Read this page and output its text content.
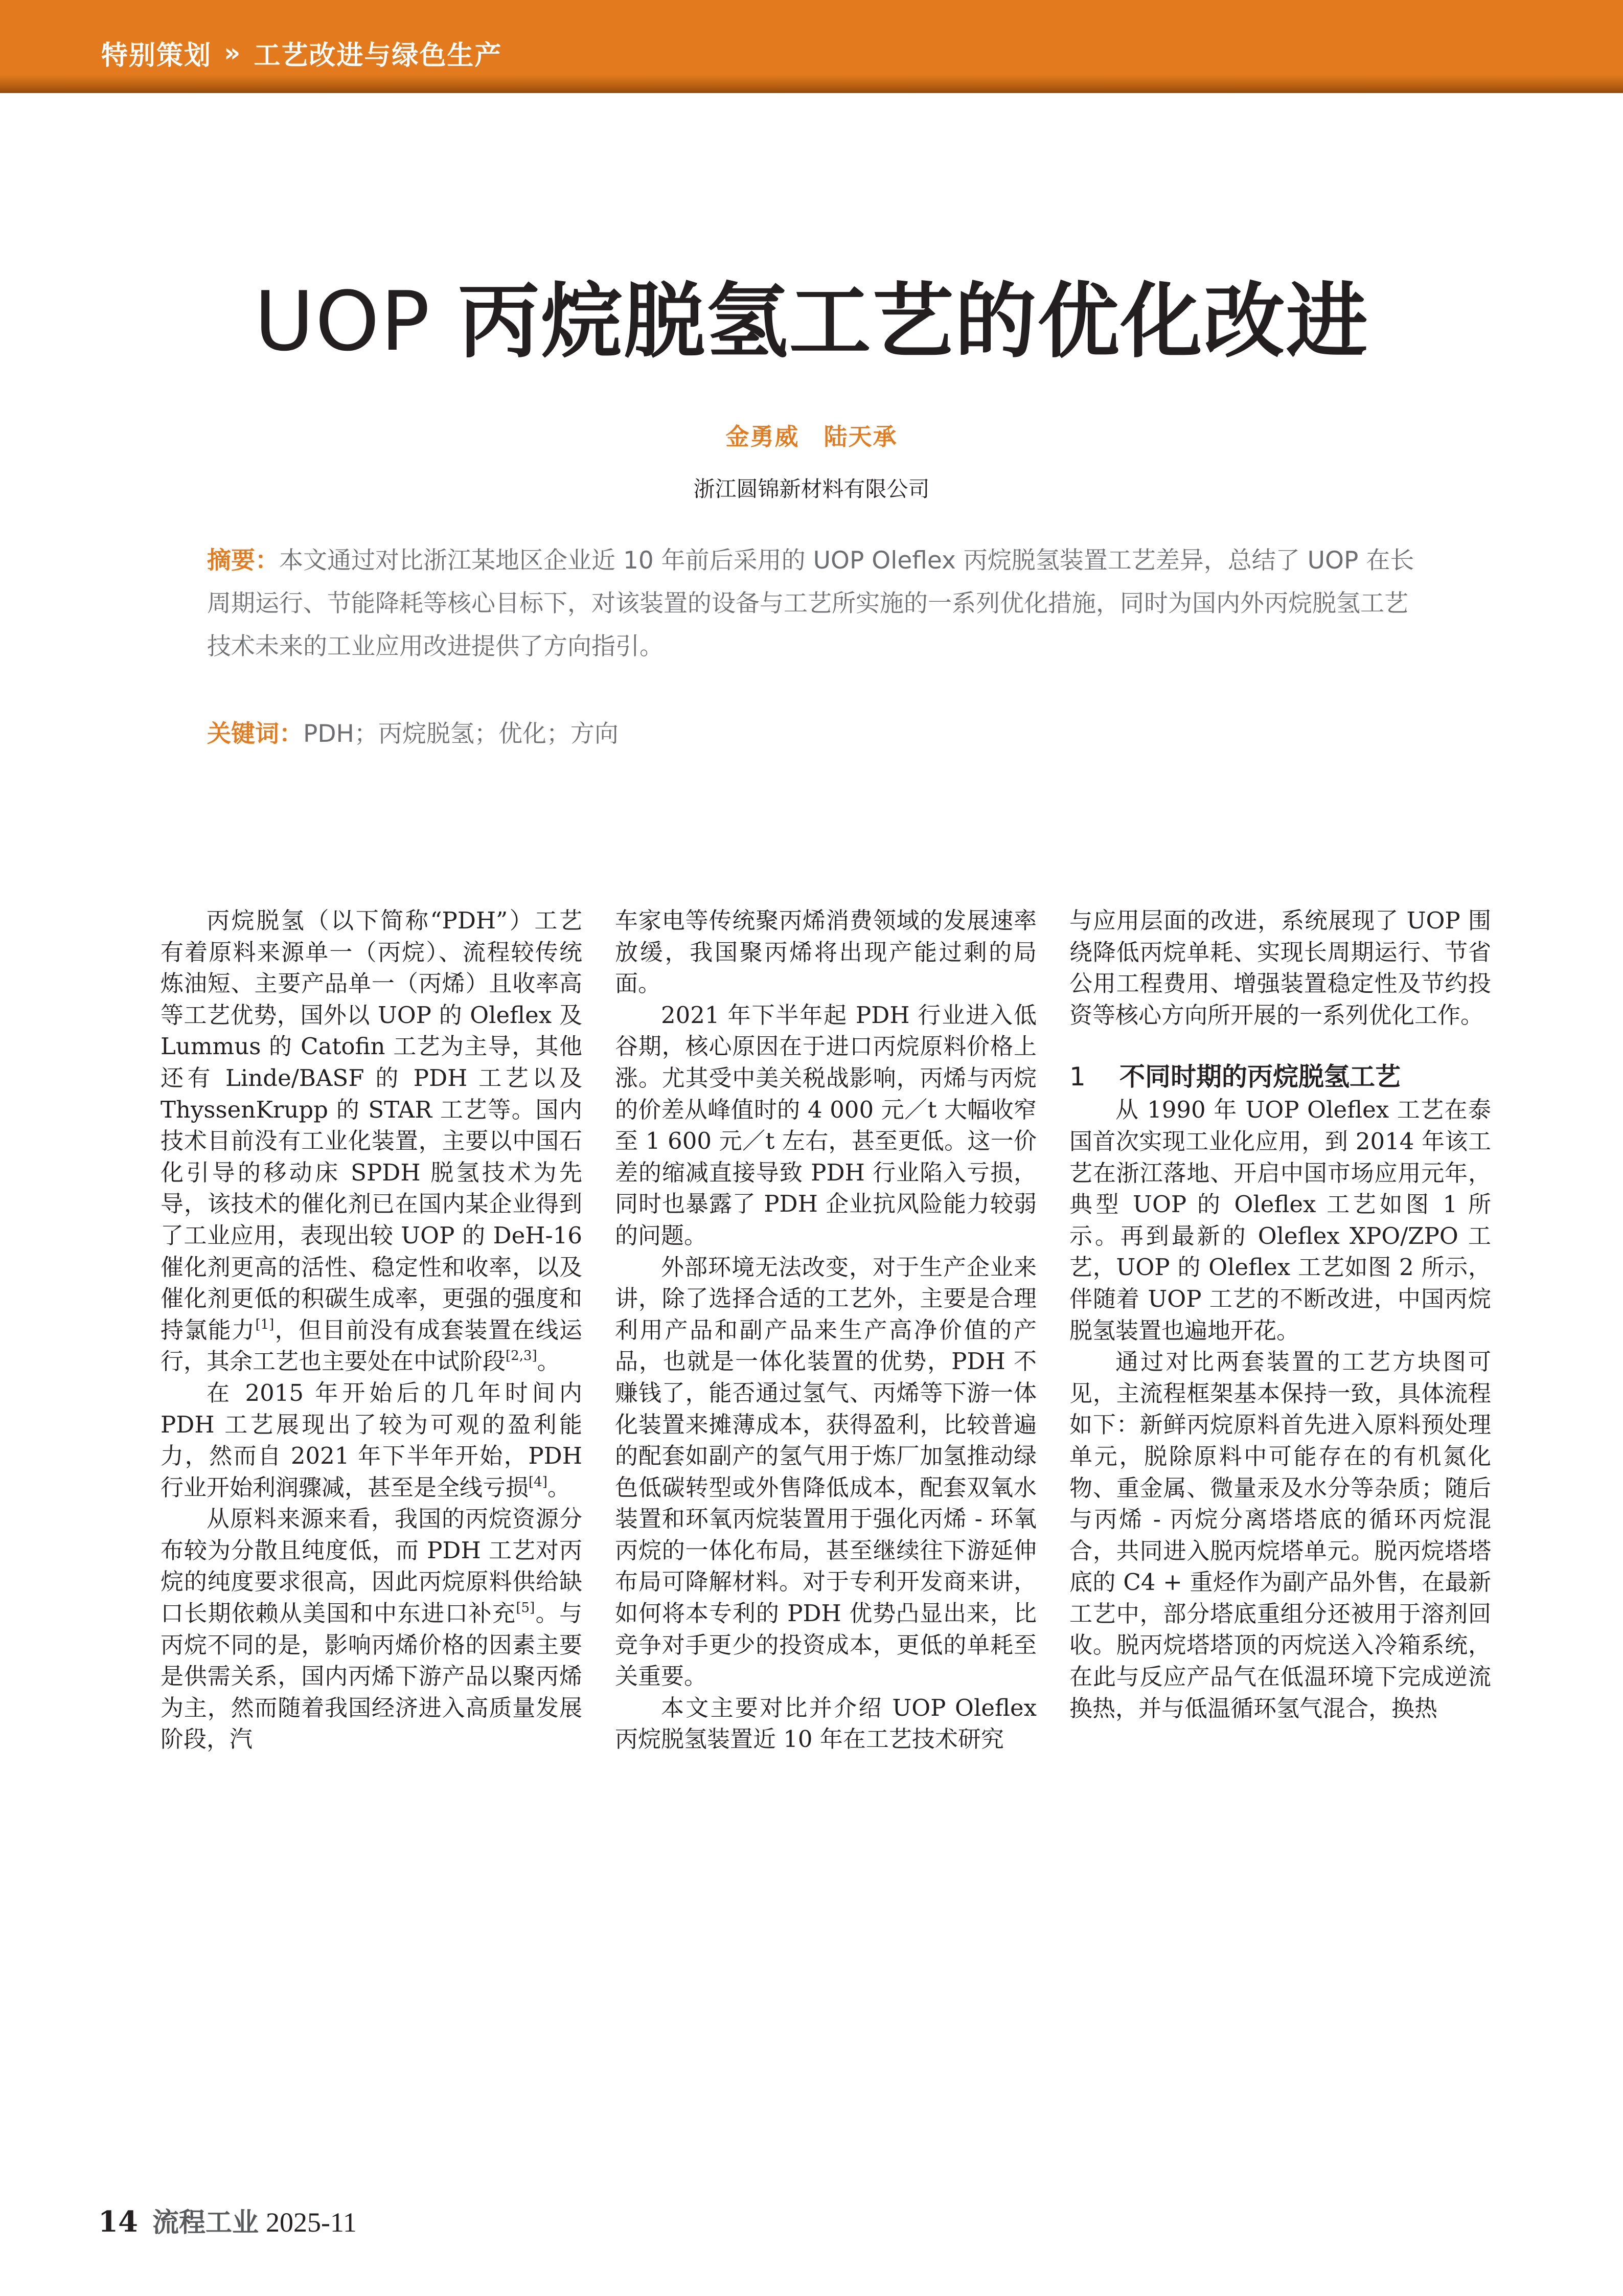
特别策划 » 工艺改进与绿色生产
UOP 丙烷脱氢工艺的优化改进
金勇威　陆天承
浙江圆锦新材料有限公司
摘要：本文通过对比浙江某地区企业近 10 年前后采用的 UOP Oleflex 丙烷脱氢装置工艺差异，总结了 UOP 在长周期运行、节能降耗等核心目标下，对该装置的设备与工艺所实施的一系列优化措施，同时为国内外丙烷脱氢工艺技术未来的工业应用改进提供了方向指引。
关键词：PDH；丙烷脱氢；优化；方向

丙烷脱氢（以下简称“PDH”）工艺有着原料来源单一（丙烷）、流程较传统炼油短、主要产品单一（丙烯）且收率高等工艺优势，国外以 UOP 的 Oleflex 及 Lummus 的 Catofin 工艺为主导，其他还有 Linde/BASF 的 PDH 工艺以及 ThyssenKrupp 的 STAR 工艺等。国内技术目前没有工业化装置，主要以中国石化引导的移动床 SPDH 脱氢技术为先导，该技术的催化剂已在国内某企业得到了工业应用，表现出较 UOP 的 DeH-16 催化剂更高的活性、稳定性和收率，以及催化剂更低的积碳生成率，更强的强度和持氯能力[1]，但目前没有成套装置在线运行，其余工艺也主要处在中试阶段[2,3]。

在 2015 年开始后的几年时间内 PDH 工艺展现出了较为可观的盈利能力，然而自 2021 年下半年开始，PDH 行业开始利润骤减，甚至是全线亏损[4]。

从原料来源来看，我国的丙烷资源分布较为分散且纯度低，而 PDH 工艺对丙烷的纯度要求很高，因此丙烷原料供给缺口长期依赖从美国和中东进口补充[5]。与丙烷不同的是，影响丙烯价格的因素主要是供需关系，国内丙烯下游产品以聚丙烯为主，然而随着我国经济进入高质量发展阶段，汽

车家电等传统聚丙烯消费领域的发展速率放缓，我国聚丙烯将出现产能过剩的局面。

2021 年下半年起 PDH 行业进入低谷期，核心原因在于进口丙烷原料价格上涨。尤其受中美关税战影响，丙烯与丙烷的价差从峰值时的 4 000 元／t 大幅收窄至 1 600 元／t 左右，甚至更低。这一价差的缩减直接导致 PDH 行业陷入亏损，同时也暴露了 PDH 企业抗风险能力较弱的问题。

外部环境无法改变，对于生产企业来讲，除了选择合适的工艺外，主要是合理利用产品和副产品来生产高净价值的产品，也就是一体化装置的优势，PDH 不赚钱了，能否通过氢气、丙烯等下游一体化装置来摊薄成本，获得盈利，比较普遍的配套如副产的氢气用于炼厂加氢推动绿色低碳转型或外售降低成本，配套双氧水装置和环氧丙烷装置用于强化丙烯 - 环氧丙烷的一体化布局，甚至继续往下游延伸布局可降解材料。对于专利开发商来讲，如何将本专利的 PDH 优势凸显出来，比竞争对手更少的投资成本，更低的单耗至关重要。

本文主要对比并介绍 UOP Oleflex 丙烷脱氢装置近 10 年在工艺技术研究

与应用层面的改进，系统展现了 UOP 围绕降低丙烷单耗、实现长周期运行、节省公用工程费用、增强装置稳定性及节约投资等核心方向所开展的一系列优化工作。

1 不同时期的丙烷脱氢工艺

从 1990 年 UOP Oleflex 工艺在泰国首次实现工业化应用，到 2014 年该工艺在浙江落地、开启中国市场应用元年，典型 UOP 的 Oleflex 工艺如图 1 所示。再到最新的 Oleflex XPO/ZPO 工艺，UOP 的 Oleflex 工艺如图 2 所示，伴随着 UOP 工艺的不断改进，中国丙烷脱氢装置也遍地开花。

通过对比两套装置的工艺方块图可见，主流程框架基本保持一致，具体流程如下：新鲜丙烷原料首先进入原料预处理单元，脱除原料中可能存在的有机氮化物、重金属、微量汞及水分等杂质；随后与丙烯 - 丙烷分离塔塔底的循环丙烷混合，共同进入脱丙烷塔单元。脱丙烷塔塔底的 C4 + 重烃作为副产品外售，在最新工艺中，部分塔底重组分还被用于溶剂回收。脱丙烷塔塔顶的丙烷送入冷箱系统，在此与反应产品气在低温环境下完成逆流换热，并与低温循环氢气混合，换热

14 流程工业 2025-11
